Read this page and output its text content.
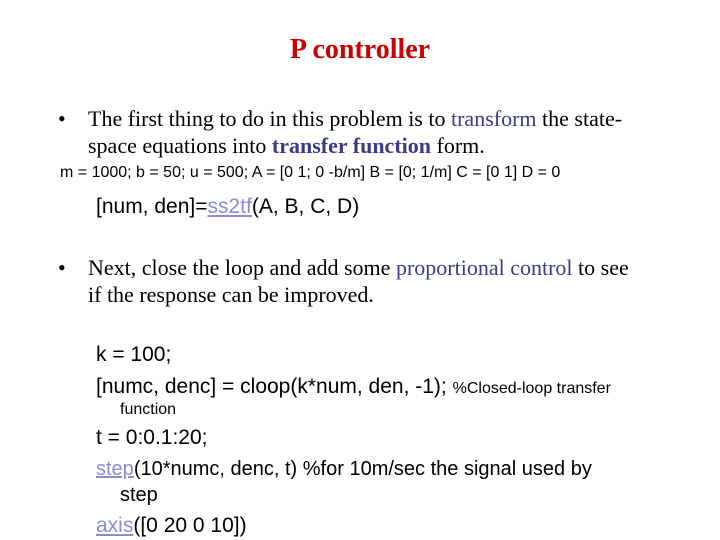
P controller
• The first thing to do in this problem is to transform the state-
space equations into transfer function form.
m = 1000; b = 50; u = 500; A = [0 1; 0 -b/m] B = [0; 1/m] C = [0 1] D = 0
[num, den]=ss2tf(A, B, C, D)
• Next, close the loop and add some proportional control to see
if the response can be improved.
k = 100;
[numc, denc] = cloop(k*num, den, -1); %Closed-loop transfer
function
t = 0:0.1:20;
step(10*numc, denc, t) %for 10m/sec the signal used by
step
axis([0 20 0 10])
